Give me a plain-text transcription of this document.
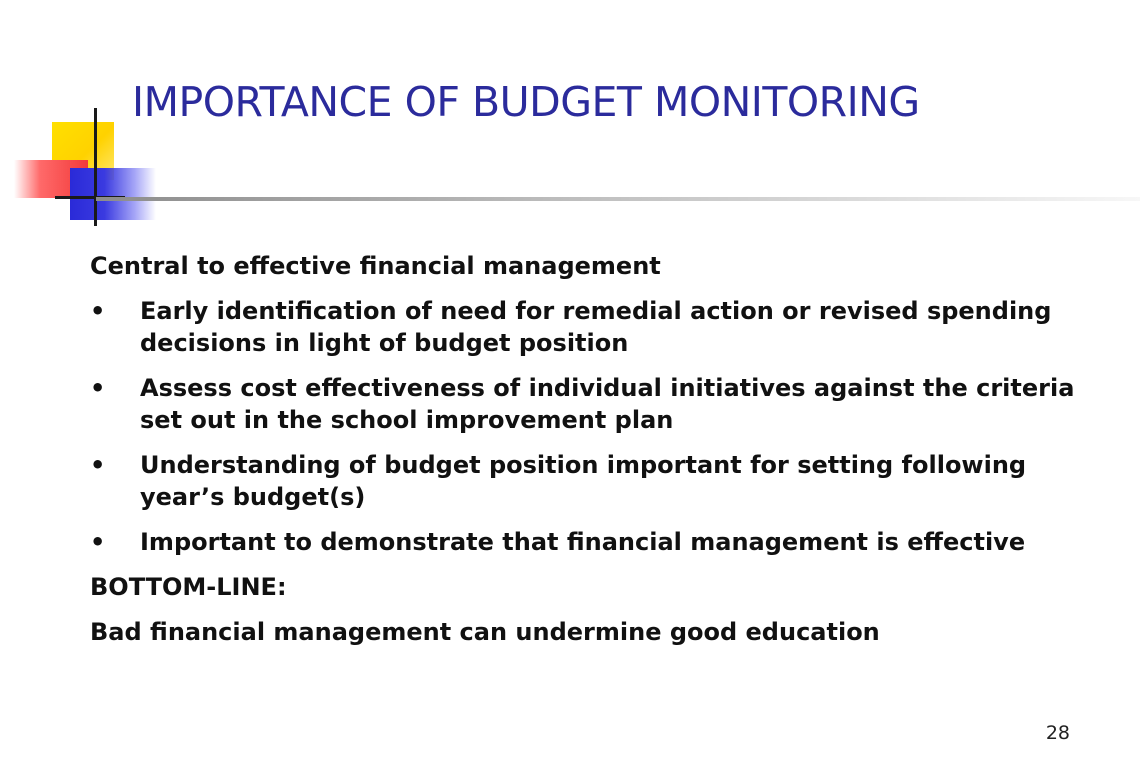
IMPORTANCE OF BUDGET MONITORING

Central to effective financial management

• Early identification of need for remedial action or revised spending decisions in light of budget position
• Assess cost effectiveness of individual initiatives against the criteria set out in the school improvement plan
• Understanding of budget position important for setting following year’s budget(s)
• Important to demonstrate that financial management is effective

BOTTOM-LINE:

Bad financial management can undermine good education

28
